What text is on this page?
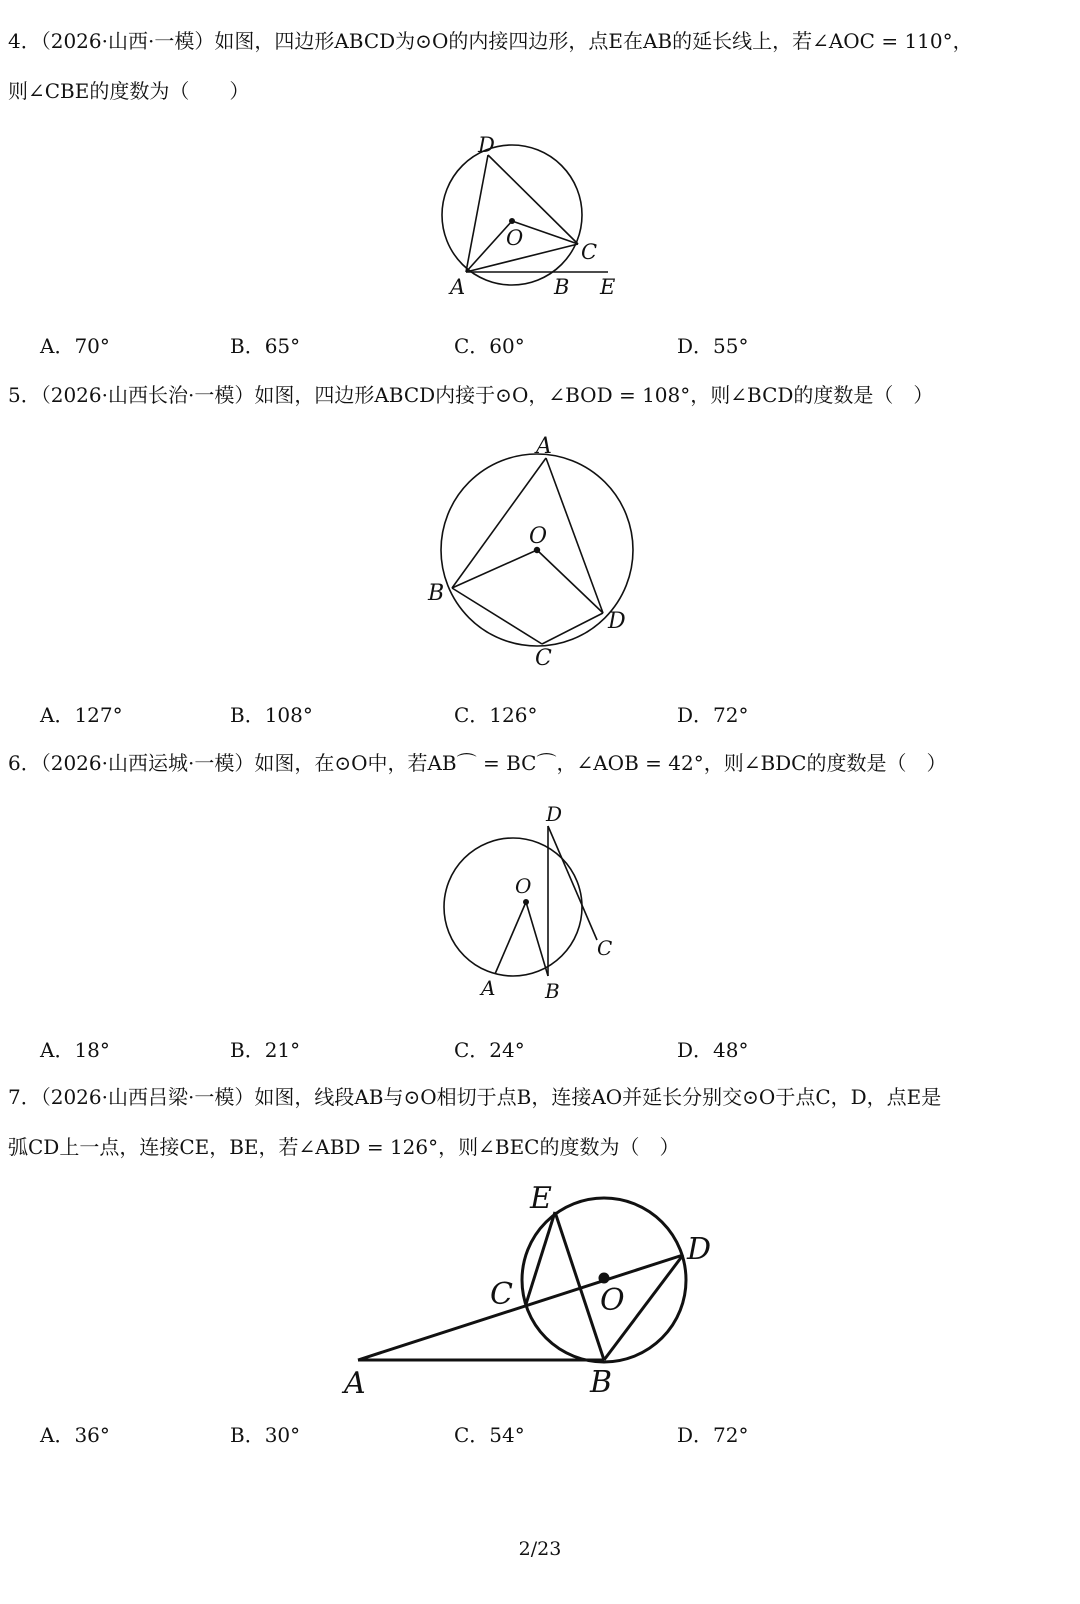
4．（2026·山西·一模）如图，四边形ABCD为⊙O的内接四边形，点E在AB的延长线上，若∠AOC = 110°，
则∠CBE的度数为（　　）
D
O
C
A	B E
A．70°	B．65°	C．60°	D．55°
5．（2026·山西长治·一模）如图，四边形ABCD内接于⊙O，∠BOD = 108°，则∠BCD的度数是（　）
A
O
B
D
C
A．127°	B．108°	C．126°	D．72°
6．（2026·山西运城·一模）如图，在⊙O中，若AB⌒ = BC⌒，∠AOB = 42°，则∠BDC的度数是（　）
D
O
C
A B
A．18°	B．21°	C．24°	D．48°
7．（2026·山西吕梁·一模）如图，线段AB与⊙O相切于点B，连接AO并延长分别交⊙O于点C，D，点E是
弧CD上一点，连接CE，BE，若∠ABD = 126°，则∠BEC的度数为（　）
E
D
C	O
A	B
A．36°	B．30°	C．54°	D．72°
2/23
